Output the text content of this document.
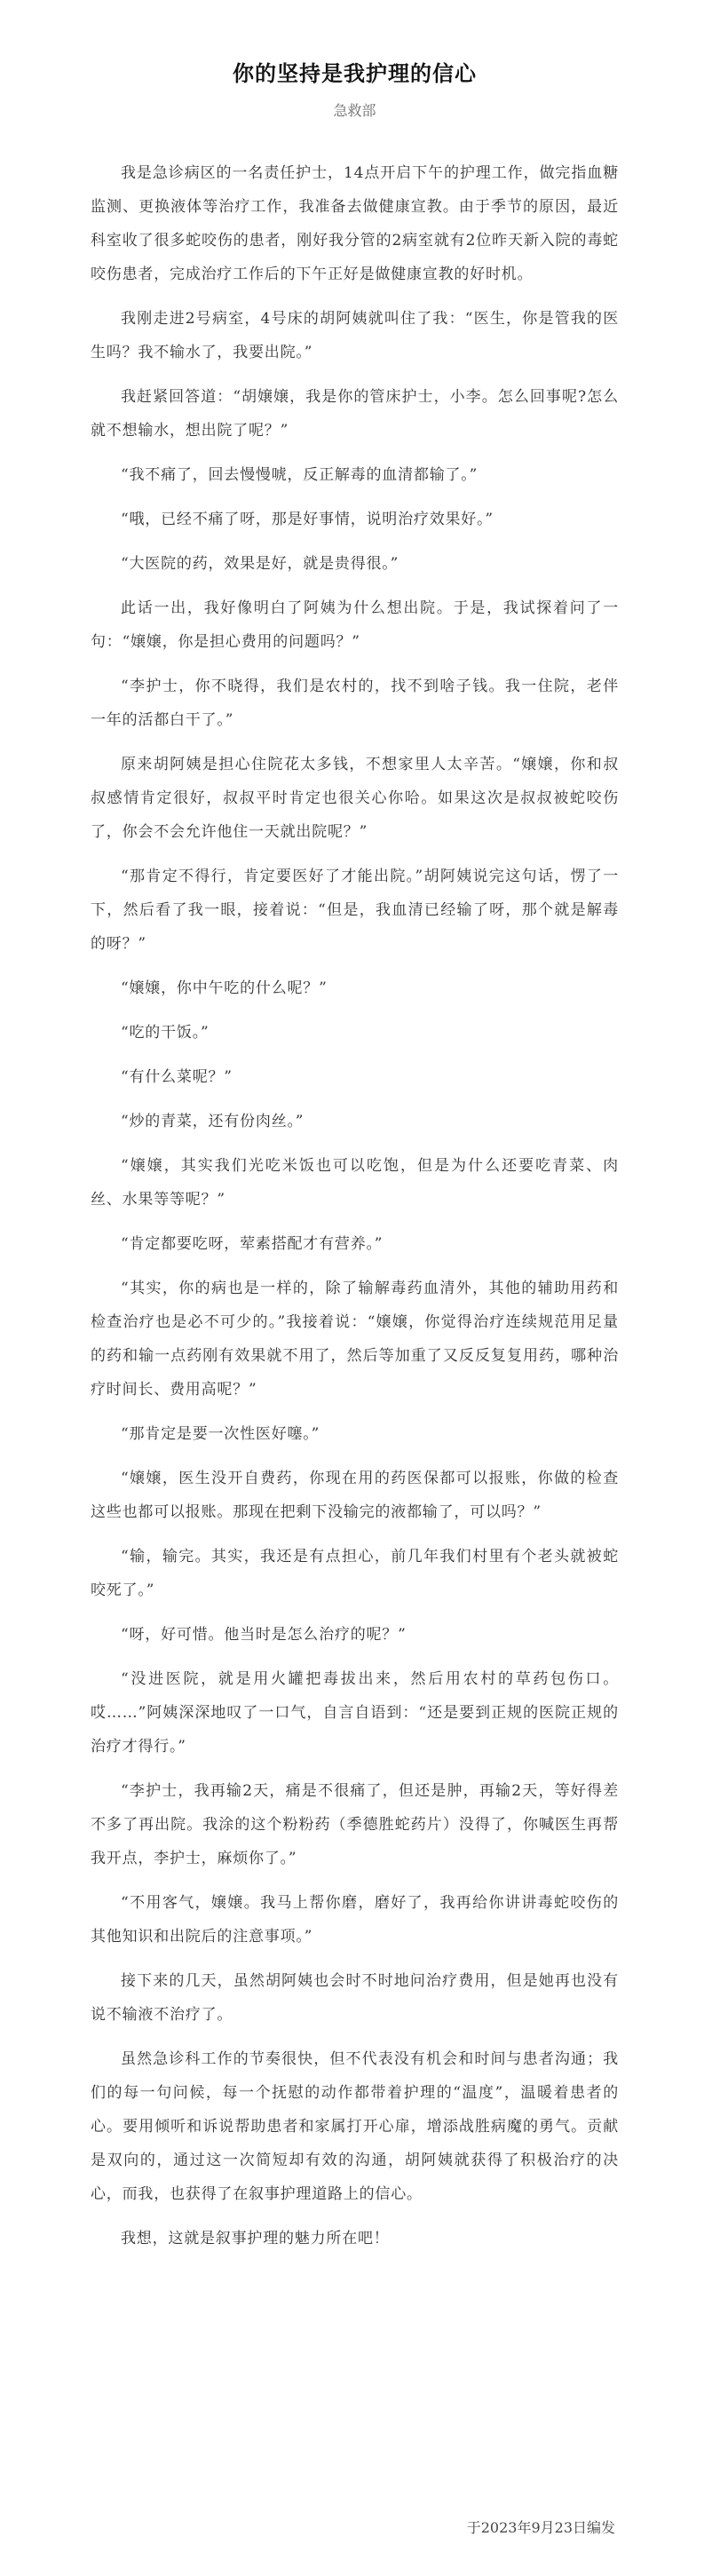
你的坚持是我护理的信心
急救部

我是急诊病区的一名责任护士，14点开启下午的护理工作，做完指血糖监测、更换液体等治疗工作，我准备去做健康宣教。由于季节的原因，最近科室收了很多蛇咬伤的患者，刚好我分管的2病室就有2位昨天新入院的毒蛇咬伤患者，完成治疗工作后的下午正好是做健康宣教的好时机。

我刚走进2号病室，4号床的胡阿姨就叫住了我：“医生，你是管我的医生吗？我不输水了，我要出院。”

我赶紧回答道：“胡嬢嬢，我是你的管床护士，小李。怎么回事呢?怎么就不想输水，想出院了呢？”

“我不痛了，回去慢慢唬，反正解毒的血清都输了。”

“哦，已经不痛了呀，那是好事情，说明治疗效果好。”

“大医院的药，效果是好，就是贵得很。”

此话一出，我好像明白了阿姨为什么想出院。于是，我试探着问了一句：“嬢嬢，你是担心费用的问题吗？”

“李护士，你不晓得，我们是农村的，找不到啥子钱。我一住院，老伴一年的活都白干了。”

原来胡阿姨是担心住院花太多钱，不想家里人太辛苦。“嬢嬢，你和叔叔感情肯定很好，叔叔平时肯定也很关心你哈。如果这次是叔叔被蛇咬伤了，你会不会允许他住一天就出院呢？”

“那肯定不得行，肯定要医好了才能出院。”胡阿姨说完这句话，愣了一下，然后看了我一眼，接着说：“但是，我血清已经输了呀，那个就是解毒的呀？”

“嬢嬢，你中午吃的什么呢？”

“吃的干饭。”

“有什么菜呢？”

“炒的青菜，还有份肉丝。”

“嬢嬢，其实我们光吃米饭也可以吃饱，但是为什么还要吃青菜、肉丝、水果等等呢？”

“肯定都要吃呀，荤素搭配才有营养。”

“其实，你的病也是一样的，除了输解毒药血清外，其他的辅助用药和检查治疗也是必不可少的。”我接着说：“嬢嬢，你觉得治疗连续规范用足量的药和输一点药刚有效果就不用了，然后等加重了又反反复复用药，哪种治疗时间长、费用高呢？”

“那肯定是要一次性医好噻。”

“嬢嬢，医生没开自费药，你现在用的药医保都可以报账，你做的检查这些也都可以报账。那现在把剩下没输完的液都输了，可以吗？”

“输，输完。其实，我还是有点担心，前几年我们村里有个老头就被蛇咬死了。”

“呀，好可惜。他当时是怎么治疗的呢？”

“没进医院，就是用火罐把毒拔出来，然后用农村的草药包伤口。哎……”阿姨深深地叹了一口气，自言自语到：“还是要到正规的医院正规的治疗才得行。”

“李护士，我再输2天，痛是不很痛了，但还是肿，再输2天，等好得差不多了再出院。我涂的这个粉粉药（季德胜蛇药片）没得了，你喊医生再帮我开点，李护士，麻烦你了。”

“不用客气，嬢嬢。我马上帮你磨，磨好了，我再给你讲讲毒蛇咬伤的其他知识和出院后的注意事项。”

接下来的几天，虽然胡阿姨也会时不时地问治疗费用，但是她再也没有说不输液不治疗了。

虽然急诊科工作的节奏很快，但不代表没有机会和时间与患者沟通；我们的每一句问候，每一个抚慰的动作都带着护理的“温度”，温暖着患者的心。要用倾听和诉说帮助患者和家属打开心扉，增添战胜病魔的勇气。贡献是双向的，通过这一次简短却有效的沟通，胡阿姨就获得了积极治疗的决心，而我，也获得了在叙事护理道路上的信心。

我想，这就是叙事护理的魅力所在吧！

于2023年9月23日编发
